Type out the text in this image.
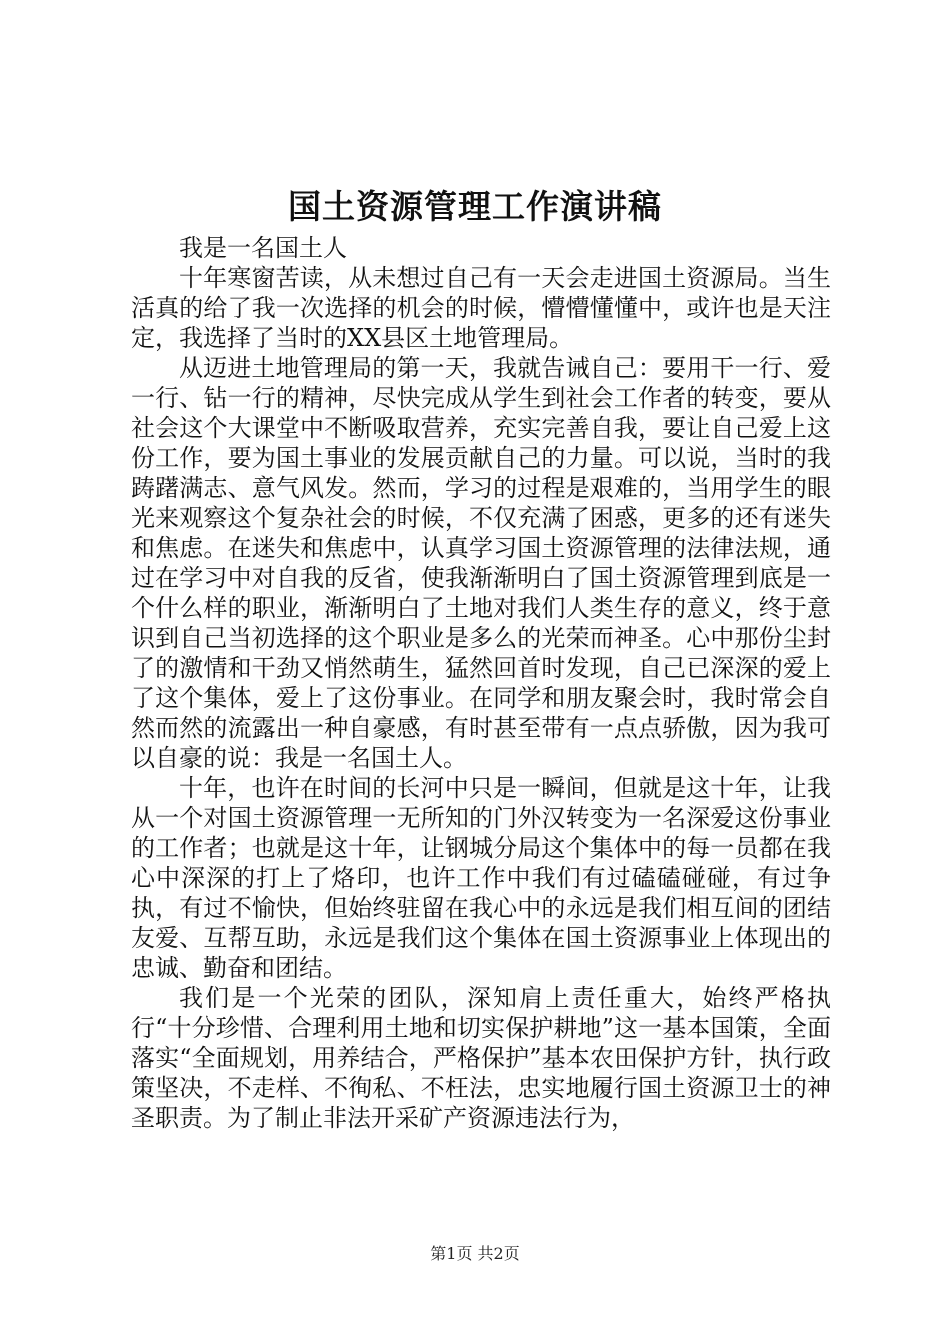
国土资源管理工作演讲稿

我是一名国土人

十年寒窗苦读，从未想过自己有一天会走进国土资源局。当生活真的给了我一次选择的机会的时候，懵懵懂懂中，或许也是天注定，我选择了当时的XX县区土地管理局。

从迈进土地管理局的第一天，我就告诫自己：要用干一行、爱一行、钻一行的精神，尽快完成从学生到社会工作者的转变，要从社会这个大课堂中不断吸取营养，充实完善自我，要让自己爱上这份工作，要为国土事业的发展贡献自己的力量。可以说，当时的我踌躇满志、意气风发。然而，学习的过程是艰难的，当用学生的眼光来观察这个复杂社会的时候，不仅充满了困惑，更多的还有迷失和焦虑。在迷失和焦虑中，认真学习国土资源管理的法律法规，通过在学习中对自我的反省，使我渐渐明白了国土资源管理到底是一个什么样的职业，渐渐明白了土地对我们人类生存的意义，终于意识到自己当初选择的这个职业是多么的光荣而神圣。心中那份尘封了的激情和干劲又悄然萌生，猛然回首时发现，自己已深深的爱上了这个集体，爱上了这份事业。在同学和朋友聚会时，我时常会自然而然的流露出一种自豪感，有时甚至带有一点点骄傲，因为我可以自豪的说：我是一名国土人。

十年，也许在时间的长河中只是一瞬间，但就是这十年，让我从一个对国土资源管理一无所知的门外汉转变为一名深爱这份事业的工作者；也就是这十年，让钢城分局这个集体中的每一员都在我心中深深的打上了烙印，也许工作中我们有过磕磕碰碰，有过争执，有过不愉快，但始终驻留在我心中的永远是我们相互间的团结友爱、互帮互助，永远是我们这个集体在国土资源事业上体现出的忠诚、勤奋和团结。

我们是一个光荣的团队，深知肩上责任重大，始终严格执行“十分珍惜、合理利用土地和切实保护耕地”这一基本国策，全面落实“全面规划，用养结合，严格保护”基本农田保护方针，执行政策坚决，不走样、不徇私、不枉法，忠实地履行国土资源卫士的神圣职责。为了制止非法开采矿产资源违法行为，

第1页 共2页
